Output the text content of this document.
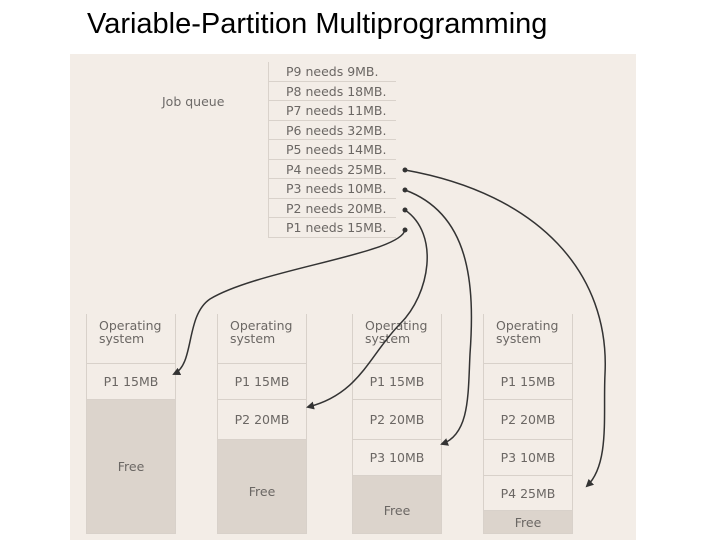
Variable-Partition Multiprogramming
Job queue
P9 needs 9MB.
P8 needs 18MB.
P7 needs 11MB.
P6 needs 32MB.
P5 needs 14MB.
P4 needs 25MB.
P3 needs 10MB.
P2 needs 20MB.
P1 needs 15MB.
Operating system
P1 15MB
Free
Operating system
P1 15MB
P2 20MB
Free
Operating system
P1 15MB
P2 20MB
P3 10MB
Free
Operating system
P1 15MB
P2 20MB
P3 10MB
P4 25MB
Free
